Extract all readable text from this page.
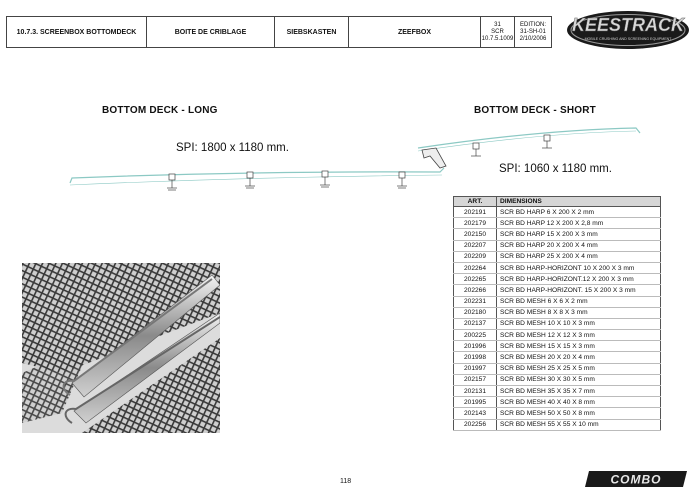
10.7.3. SCREENBOX BOTTOMDECK	BOITE DE CRIBLAGE	SIEBSKASTEN	ZEEFBOX
31
SCR
10.7.5.1009
EDITION:
31-SH-01
2/10/2006
KEESTRACK
MOBILE CRUSHING AND SCREENING EQUIPMENT
BOTTOM DECK - LONG	BOTTOM DECK - SHORT
SPI: 1800 x 1180 mm.
SPI: 1060 x 1180 mm.
ART.	DIMENSIONS
202191	SCR BD HARP 6 X 200 X 2 mm
202179	SCR BD HARP 12 X 200 X 2,8 mm
202150	SCR BD HARP 15 X 200 X 3 mm
202207	SCR BD HARP 20 X 200 X 4 mm
202209	SCR BD HARP 25 X 200 X 4 mm
202264	SCR BD HARP-HORIZONT 10 X 200 X 3 mm
202265	SCR BD HARP-HORIZONT.12 X 200 X 3 mm
202266	SCR BD HARP-HORIZONT. 15 X 200 X 3 mm
202231	SCR BD MESH 6 X 6 X 2 mm
202180	SCR BD MESH 8 X 8 X 3 mm
202137	SCR BD MESH 10 X 10 X 3 mm
200225	SCR BD MESH 12 X 12 X 3 mm
201996	SCR BD MESH 15 X 15 X 3 mm
201998	SCR BD MESH 20 X 20 X 4 mm
201997	SCR BD MESH 25 X 25 X 5 mm
202157	SCR BD MESH 30 X 30 X 5 mm
202131	SCR BD MESH 35 X 35 X 7 mm
201995	SCR BD MESH 40 X 40 X 8 mm
202143	SCR BD MESH 50 X 50 X 8 mm
202256	SCR BD MESH 55 X 55 X 10 mm
118	COMBO
